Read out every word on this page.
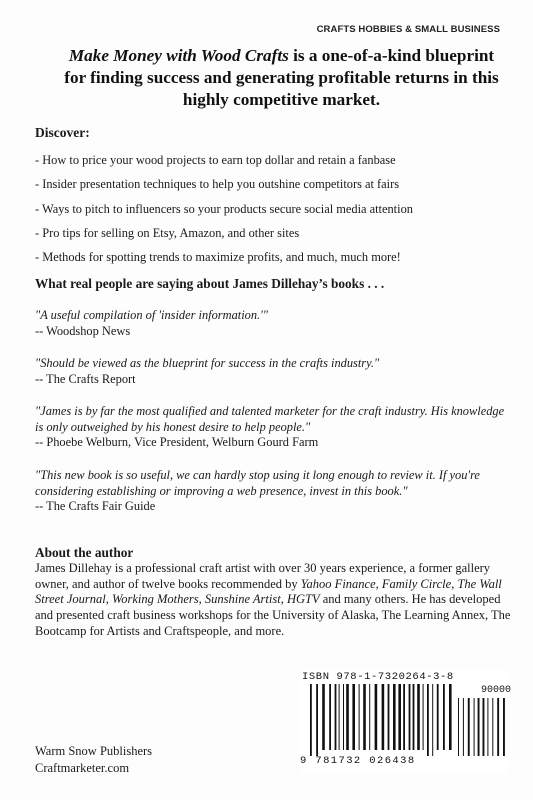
CRAFTS HOBBIES & SMALL BUSINESS
Make Money with Wood Crafts is a one-of-a-kind blueprint for finding success and generating profitable returns in this highly competitive market.
Discover:
- How to price your wood projects to earn top dollar and retain a fanbase
- Insider presentation techniques to help you outshine competitors at fairs
- Ways to pitch to influencers so your products secure social media attention
- Pro tips for selling on Etsy, Amazon, and other sites
- Methods for spotting trends to maximize profits, and much, much more!
What real people are saying about James Dillehay’s books . . .
"A useful compilation of 'insider information.'"
-- Woodshop News
"Should be viewed as the blueprint for success in the crafts industry."
-- The Crafts Report
"James is by far the most qualified and talented marketer for the craft industry. His knowledge is only outweighed by his honest desire to help people."
-- Phoebe Welburn, Vice President, Welburn Gourd Farm
"This new book is so useful, we can hardly stop using it long enough to review it. If you're considering establishing or improving a web presence, invest in this book."
-- The Crafts Fair Guide
About the author
James Dillehay is a professional craft artist with over 30 years experience, a former gallery owner, and author of twelve books recommended by Yahoo Finance, Family Circle, The Wall Street Journal, Working Mothers, Sunshine Artist, HGTV and many others. He has developed and presented craft business workshops for the University of Alaska, The Learning Annex, The Bootcamp for Artists and Craftspeople, and more.
ISBN 978-1-7320264-3-8
90000
9 781732 026438
Warm Snow Publishers
Craftmarketer.com
